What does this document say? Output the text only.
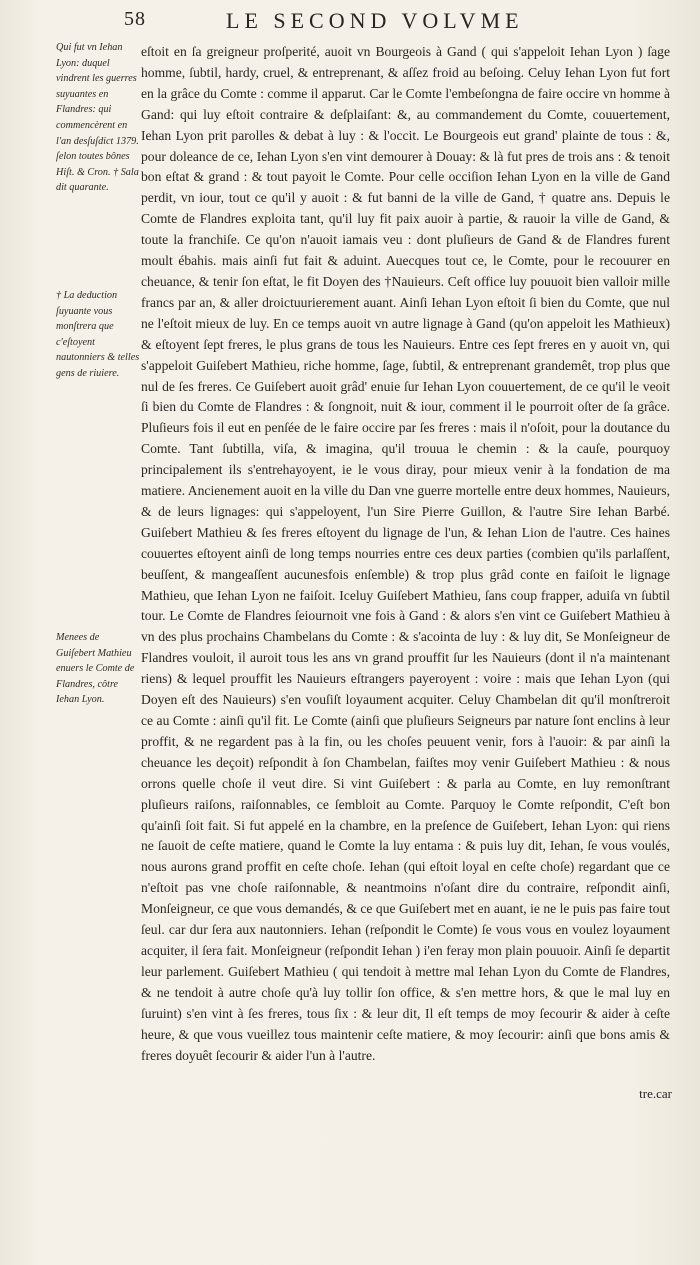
58	LE SECOND VOLVME
Qui fut vn Iehan Lyon: duquel vindrent les guerres suyuantes en Flandres: qui commencèrent en l'an desſuſdict 1379. ſelon toutes bônes Hiſt. & Cron. † Sala dit quarante.
† La deduction ſuyuante vous monſtrera que c'eſtoyent nautonniers & telles gens de riuiere.
Menees de Guiſebert Mathieu enuers le Comte de Flandres, côtre Iehan Lyon.

eſtoit en ſa greigneur proſperité, auoit vn Bourgeois à Gand ( qui s'appeloit Iehan Lyon ) ſage homme, ſubtil, hardy, cruel, & entreprenant, & aſſez froid au beſoing. Celuy Iehan Lyon fut fort en la grâce du Comte : comme il apparut. Car le Comte l'embeſongna de faire occire vn homme à Gand: qui luy eſtoit contraire & deſplaiſant: &, au commandement du Comte, couuertement, Iehan Lyon prit parolles & debat à luy : & l'occit. Le Bourgeois eut grand' plainte de tous : &, pour doleance de ce, Iehan Lyon s'en vint demourer à Douay: & là fut pres de trois ans : & tenoit bon eſtat & grand : & tout payoit le Comte. Pour celle occiſion Iehan Lyon en la ville de Gand perdit, vn iour, tout ce qu'il y auoit : & fut banni de la ville de Gand, † quatre ans. Depuis le Comte de Flandres exploita tant, qu'il luy fit paix auoir à partie, & rauoir la ville de Gand, & toute la franchiſe. Ce qu'on n'auoit iamais veu : dont pluſieurs de Gand & de Flandres furent moult ébahis. mais ainſi fut fait & aduint. Auecques tout ce, le Comte, pour le recouurer en cheuance, & tenir ſon eſtat, le fit Doyen des †Nauieurs. Ceſt office luy pouuoit bien valloir mille francs par an, & aller droictuurierement auant. Ainſi Iehan Lyon eſtoit ſi bien du Comte, que nul ne l'eſtoit mieux de luy. En ce temps auoit vn autre lignage à Gand (qu'on appeloit les Mathieux) & eſtoyent ſept freres, le plus grans de tous les Nauieurs. Entre ces ſept freres en y auoit vn, qui s'appeloit Guiſebert Mathieu, riche homme, ſage, ſubtil, & entreprenant grandemêt, trop plus que nul de ſes freres. Ce Guiſebert auoit grâd' enuie ſur Iehan Lyon couuertement, de ce qu'il le veoit ſi bien du Comte de Flandres : & ſongnoit, nuit & iour, comment il le pourroit oſter de ſa grâce. Pluſieurs fois il eut en penſée de le faire occire par ſes freres : mais il n'oſoit, pour la doutance du Comte. Tant ſubtilla, viſa, & imagina, qu'il trouua le chemin : & la cauſe, pourquoy principalement ils s'entrehayoyent, ie le vous diray, pour mieux venir à la fondation de ma matiere. Ancienement auoit en la ville du Dan vne guerre mortelle entre deux hommes, Nauieurs, & de leurs lignages: qui s'appeloyent, l'un Sire Pierre Guillon, & l'autre Sire Iehan Barbé. Guiſebert Mathieu & ſes freres eſtoyent du lignage de l'un, & Iehan Lion de l'autre. Ces haines couuertes eſtoyent ainſi de long temps nourries entre ces deux parties (combien qu'ils parlaſſent, beuſſent, & mangeaſſent aucunesfois enſemble) & trop plus grâd conte en faiſoit le lignage Mathieu, que Iehan Lyon ne faiſoit. Iceluy Guiſebert Mathieu, ſans coup frapper, aduiſa vn ſubtil tour. Le Comte de Flandres ſeiournoit vne fois à Gand : & alors s'en vint ce Guiſebert Mathieu à vn des plus prochains Chambelans du Comte : & s'acointa de luy : & luy dit, Se Monſeigneur de Flandres vouloit, il auroit tous les ans vn grand prouffit ſur les Nauieurs (dont il n'a maintenant riens) & lequel prouffit les Nauieurs eſtrangers payeroyent : voire : mais que Iehan Lyon (qui Doyen eſt des Nauieurs) s'en vouſiſt loyaument acquiter. Celuy Chambelan dit qu'il monſtreroit ce au Comte : ainſi qu'il fit. Le Comte (ainſi que pluſieurs Seigneurs par nature ſont enclins à leur proffit, & ne regardent pas à la fin, ou les choſes peuuent venir, fors à l'auoir: & par ainſi la cheuance les deçoit) reſpondit à ſon Chambelan, faiſtes moy venir Guiſebert Mathieu : & nous orrons quelle choſe il veut dire. Si vint Guiſebert : & parla au Comte, en luy remonſtrant pluſieurs raiſons, raiſonnables, ce ſembloit au Comte. Parquoy le Comte reſpondit, C'eſt bon qu'ainſi ſoit fait. Si fut appelé en la chambre, en la preſence de Guiſebert, Iehan Lyon: qui riens ne ſauoit de ceſte matiere, quand le Comte la luy entama : & puis luy dit, Iehan, ſe vous voulés, nous aurons grand proffit en ceſte choſe. Iehan (qui eſtoit loyal en ceſte choſe) regardant que ce n'eſtoit pas vne choſe raiſonnable, & neantmoins n'oſant dire du contraire, reſpondit ainſi, Monſeigneur, ce que vous demandés, & ce que Guiſebert met en auant, ie ne le puis pas faire tout ſeul. car dur ſera aux nautonniers. Iehan (reſpondit le Comte) ſe vous vous en voulez loyaument acquiter, il ſera fait. Monſeigneur (reſpondit Iehan ) i'en feray mon plain pouuoir. Ainſi ſe departit leur parlement. Guiſebert Mathieu ( qui tendoit à mettre mal Iehan Lyon du Comte de Flandres, & ne tendoit à autre choſe qu'à luy tollir ſon office, & s'en mettre hors, & que le mal luy en ſuruint) s'en vint à ſes freres, tous ſix : & leur dit, Il eſt temps de moy ſecourir & aider à ceſte heure, & que vous vueillez tous maintenir ceſte matiere, & moy ſecourir: ainſi que bons amis & freres doyuêt ſecourir & aider l'un à l'autre.

tre.car
